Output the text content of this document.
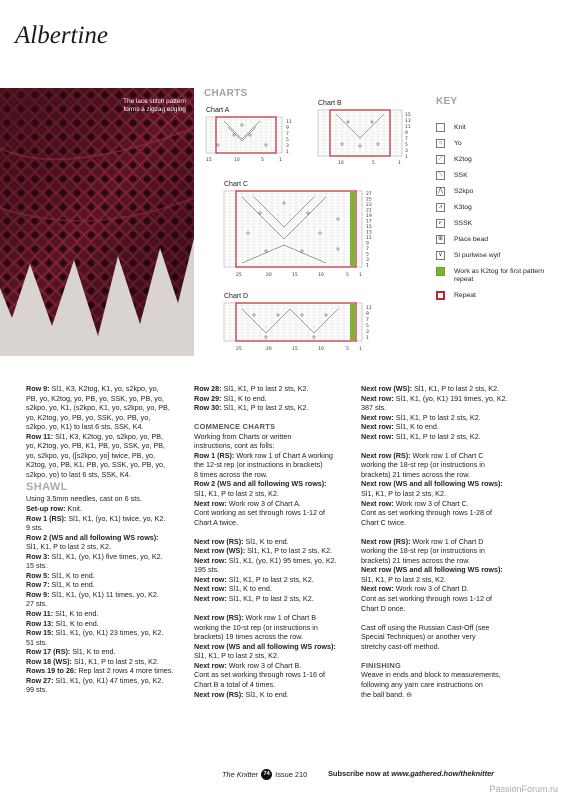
Albertine
The lace stitch pattern forms a zigzag edging
CHARTS
Chart A
11
9
7
5
3
1
15	10	5	1
Chart B
15
13
11
9
7
5
3
1
10	5	1
Chart C
27
25
23
21
19
17
15
13
11
9
7
5
3
1
25	20	15	10	5 1
Chart D
11
9
7
5
3
1
25	20	15	10	5 1
KEY
Knit
○	Yo
⟋	K2tog
⟍	SSK
⋀	S2kpo
⩘	K3tog
⩗	SSSK
⊕ Place bead
∨	Sl purlwise wyif
Work as K2tog for first pattern repeat
Repeat

Row 9: Sl1, K3, K2tog, K1, yo, s2kpo, yo,

PB, yo, K2tog, yo, PB, yo, SSK, yo, PB, yo,

s2kpo, yo, K1, (s2kpo, K1, yo, s2kpo, yo, PB,

yo, K2tog, yo, PB, yo, SSK, yo, PB, yo,

s2kpo, yo, K1) to last 6 sts, SSK, K4.

Row 11: Sl1, K3, K2tog, yo, s2kpo, yo, PB,

yo, K2tog, yo, PB, K1, PB, yo, SSK, yo, PB,

yo, s2kpo, yo, ([s2kpo, yo] twice, PB, yo,

K2tog, yo, PB, K1, PB, yo, SSK, yo, PB, yo,

s2kpo, yo) to last 6 sts, SSK, K4.

SHAWL

Using 3.5mm needles, cast on 6 sts.

Set-up row: Knit.

Row 1 (RS): Sl1, K1, (yo, K1) twice, yo, K2.

9 sts.

Row 2 (WS and all following WS rows):

Sl1, K1, P to last 2 sts, K2.

Row 3: Sl1, K1, (yo, K1) five times, yo, K2.

15 sts.

Row 5: Sl1, K to end.

Row 7: Sl1, K to end.

Row 9: Sl1, K1, (yo, K1) 11 times, yo, K2.

27 sts.

Row 11: Sl1, K to end.

Row 13: Sl1, K to end.

Row 15: Sl1, K1, (yo, K1) 23 times, yo, K2.

51 sts.

Row 17 (RS): Sl1, K to end.

Row 18 (WS): Sl1, K1, P to last 2 sts, K2.

Rows 19 to 26: Rep last 2 rows 4 more times.

Row 27: Sl1, K1, (yo, K1) 47 times, yo, K2.

99 sts.

Row 28: Sl1, K1, P to last 2 sts, K2.

Row 29: Sl1, K to end.

Row 30: Sl1, K1, P to last 2 sts, K2.

COMMENCE CHARTS

Working from Charts or written

instructions, cont as folls:

Row 1 (RS): Work row 1 of Chart A working

the 12-st rep (or instructions in brackets)

8 times across the row.

Row 2 (WS and all following WS rows):

Sl1, K1, P to last 2 sts, K2.

Next row: Work row 3 of Chart A.

Cont working as set through rows 1-12 of

Chart A twice.

Next row (RS): Sl1, K to end.

Next row (WS): Sl1, K1, P to last 2 sts, K2.

Next row: Sl1, K1, (yo, K1) 95 times, yo, K2.

195 sts.

Next row: Sl1, K1, P to last 2 sts, K2.

Next row: Sl1, K to end.

Next row: Sl1, K1, P to last 2 sts, K2.

Next row (RS): Work row 1 of Chart B

working the 10-st rep (or instructions in

brackets) 19 times across the row.

Next row (WS and all following WS rows):

Sl1, K1, P to last 2 sts, K2.

Next row: Work row 3 of Chart B.

Cont as set working through rows 1-16 of

Chart B a total of 4 times.

Next row (RS): Sl1, K to end.

Next row (WS): Sl1, K1, P to last 2 sts, K2.

Next row: Sl1, K1, (yo, K1) 191 times, yo, K2.

387 sts.

Next row: Sl1, K1, P to last 2 sts, K2.

Next row: Sl1, K to end.

Next row: Sl1, K1, P to last 2 sts, K2.

Next row (RS): Work row 1 of Chart C

working the 18-st rep (or instructions in

brackets) 21 times across the row.

Next row (WS and all following WS rows):

Sl1, K1, P to last 2 sts, K2.

Next row: Work row 3 of Chart C.

Cont as set working through rows 1-28 of

Chart C twice.

Next row (RS): Work row 1 of Chart D

working the 18-st rep (or instructions in

brackets) 21 times across the row.

Next row (WS and all following WS rows):

Sl1, K1, P to last 2 sts, K2.

Next row: Work row 3 of Chart D.

Cont as set working through rows 1-12 of

Chart D once.

Cast off using the Russian Cast-Off (see

Special Techniques) or another very

stretchy cast-off method.

FINISHING

Weave in ends and block to measurements,

following any yarn care instructions on

the ball band. ⊖

The Knitter 74 Issue 210	Subscribe now at www.gathered.how/theknitter
PassionForum.ru
